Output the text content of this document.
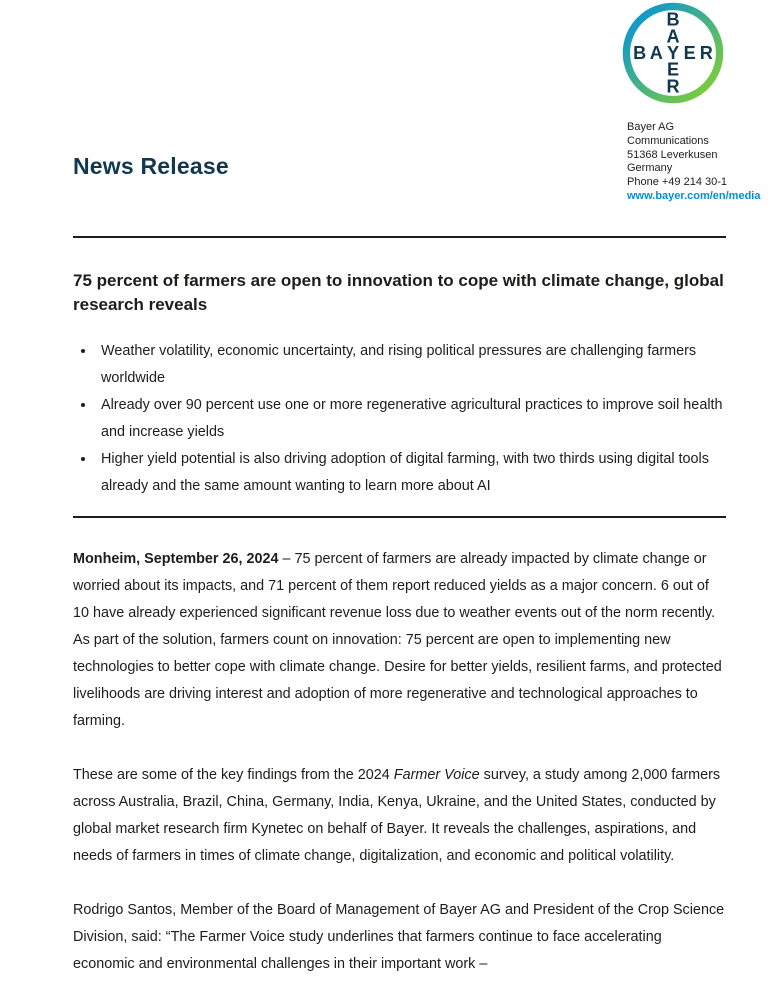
B A Y E R
B
A
E
R
Bayer AG
Communications
51368 Leverkusen
Germany
Phone +49 214 30-1
www.bayer.com/en/media
News Release
75 percent of farmers are open to innovation to cope with climate change, global research reveals
• Weather volatility, economic uncertainty, and rising political pressures are challenging farmers worldwide
• Already over 90 percent use one or more regenerative agricultural practices to improve soil health and increase yields
• Higher yield potential is also driving adoption of digital farming, with two thirds using digital tools already and the same amount wanting to learn more about AI

Monheim, September 26, 2024 – 75 percent of farmers are already impacted by climate change or worried about its impacts, and 71 percent of them report reduced yields as a major concern. 6 out of 10 have already experienced significant revenue loss due to weather events out of the norm recently. As part of the solution, farmers count on innovation: 75 percent are open to implementing new technologies to better cope with climate change. Desire for better yields, resilient farms, and protected livelihoods are driving interest and adoption of more regenerative and technological approaches to farming.

These are some of the key findings from the 2024 Farmer Voice survey, a study among 2,000 farmers across Australia, Brazil, China, Germany, India, Kenya, Ukraine, and the United States, conducted by global market research firm Kynetec on behalf of Bayer. It reveals the challenges, aspirations, and needs of farmers in times of climate change, digitalization, and economic and political volatility.

Rodrigo Santos, Member of the Board of Management of Bayer AG and President of the Crop Science Division, said: “The Farmer Voice study underlines that farmers continue to face accelerating economic and environmental challenges in their important work –
